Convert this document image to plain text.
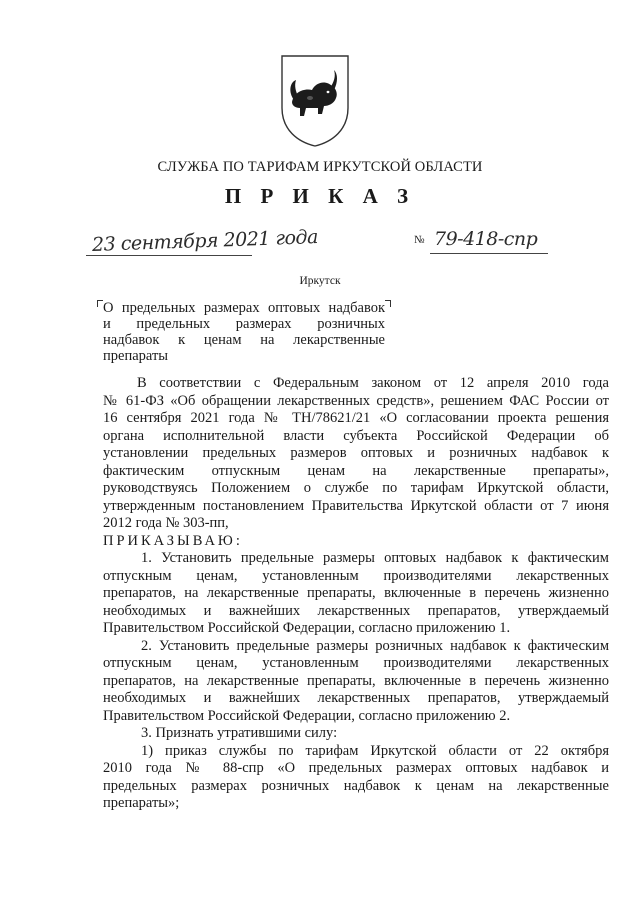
СЛУЖБА ПО ТАРИФАМ ИРКУТСКОЙ ОБЛАСТИ
П Р И К А З
23 сентября 2021 года	№ 79-418-спр
Иркутск
О предельных размерах оптовых надбавок
и предельных размерах розничных
надбавок к ценам на лекарственные
препараты
В соответствии с Федеральным законом от 12 апреля 2010 года
№ 61-ФЗ «Об обращении лекарственных средств», решением ФАС России от
16 сентября 2021 года № ТН/78621/21 «О согласовании проекта решения
органа исполнительной власти субъекта Российской Федерации об
установлении предельных размеров оптовых и розничных надбавок к
фактическим отпускным ценам на лекарственные препараты»,
руководствуясь Положением о службе по тарифам Иркутской области,
утвержденным постановлением Правительства Иркутской области от 7 июня
2012 года № 303-пп,
ПРИКАЗЫВАЮ:
1. Установить предельные размеры оптовых надбавок к фактическим
отпускным ценам, установленным производителями лекарственных
препаратов, на лекарственные препараты, включенные в перечень жизненно
необходимых и важнейших лекарственных препаратов, утверждаемый
Правительством Российской Федерации, согласно приложению 1.
2. Установить предельные размеры розничных надбавок к фактическим
отпускным ценам, установленным производителями лекарственных
препаратов, на лекарственные препараты, включенные в перечень жизненно
необходимых и важнейших лекарственных препаратов, утверждаемый
Правительством Российской Федерации, согласно приложению 2.
3. Признать утратившими силу:
1) приказ службы по тарифам Иркутской области от 22 октября
2010 года № 88-спр «О предельных размерах оптовых надбавок и
предельных размерах розничных надбавок к ценам на лекарственные
препараты»;
